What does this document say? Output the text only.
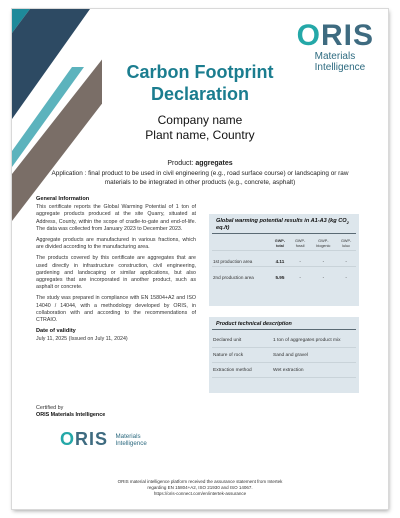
ORIS
Materials
Intelligence
Carbon Footprint
Declaration
Company name
Plant name, Country
Product: aggregates
Application : final product to be used in civil engineering (e.g., road surface course) or landscaping or raw materials to be integrated in other products (e.g., concrete, asphalt)
General Information

This certificate reports the Global Warming Potential of 1 ton of aggregate products produced at the site Quarry, situated at Address, County, within the scope of cradle-to-gate and end-of-life. The data was collected from January 2023 to December 2023.

Aggregate products are manufactured in various fractions, which are divided according to the manufacturing area.

The products covered by this certificate are aggregates that are used directly in infrastructure construction, civil engineering, gardening and landscaping or similar applications, but also aggregates that are incorporated in another product, such as asphalt or concrete.

The study was prepared in compliance with EN 15804+A2 and ISO 14040 / 14044, with a methodology developed by ORIS, in collaboration with and according to the recommendations of CTRAIO.

Date of validity

July 11, 2025 (Issued on July 11, 2024)

Global warming potential results in A1-A3 (kg $CO_2$ eq./t)
	GWP-total	GWP-fossil	GWP-biogenic	GWP-luluc
1st production area	4.11	-	-	-
2nd production area	5.95	-	-	-
Product technical description
Declared unit	1 ton of aggregates product mix
Nature of rock	Sand and gravel
Extraction method	Wet extraction
Certified by
ORIS Materials Intelligence
ORIS Materials
Intelligence
ORIS material intelligence platform received the assurance statement from Intertek
regarding EN 15804+A2, ISO 21930 and ISO 14067.
https://oris-connect.com/en/intertek-assurance
